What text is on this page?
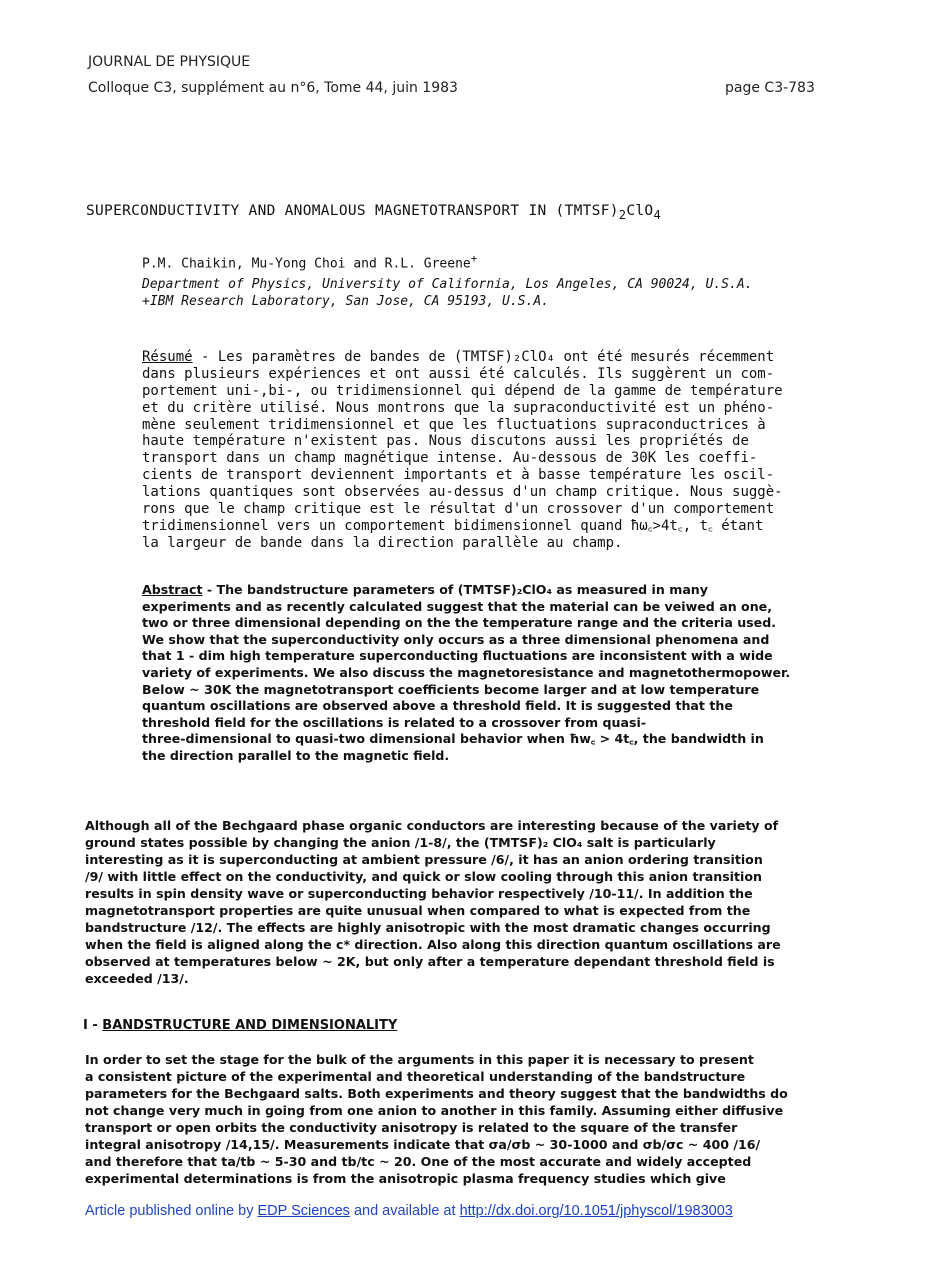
JOURNAL DE PHYSIQUE
Colloque C3, supplément au n°6, Tome 44, juin 1983	page C3-783
SUPERCONDUCTIVITY AND ANOMALOUS MAGNETOTRANSPORT IN $(TMTSF)_2ClO_4$
P.M. Chaikin, Mu-Yong Choi and R.L. Greene+
Department of Physics, University of California, Los Angeles, CA 90024, U.S.A.
+IBM Research Laboratory, San Jose, CA 95193, U.S.A.
Résumé - Les paramètres de bandes de (TMTSF)₂ClO₄ ont été mesurés récemment
dans plusieurs expériences et ont aussi été calculés. Ils suggèrent un com-
portement uni-,bi-, ou tridimensionnel qui dépend de la gamme de température
et du critère utilisé. Nous montrons que la supraconductivité est un phéno-
mène seulement tridimensionnel et que les fluctuations supraconductrices à
haute température n'existent pas. Nous discutons aussi les propriétés de
transport dans un champ magnétique intense. Au-dessous de 30K les coeffi-
cients de transport deviennent importants et à basse température les oscil-
lations quantiques sont observées au-dessus d'un champ critique. Nous suggè-
rons que le champ critique est le résultat d'un crossover d'un comportement
tridimensionnel vers un comportement bidimensionnel quand ħω꜀>4t꜀, t꜀ étant
la largeur de bande dans la direction parallèle au champ.
Abstract - The bandstructure parameters of (TMTSF)₂ClO₄ as measured in many
experiments and as recently calculated suggest that the material can be veiwed an one,
two or three dimensional depending on the the temperature range and the criteria used.
We show that the superconductivity only occurs as a three dimensional phenomena and
that 1 - dim high temperature superconducting fluctuations are inconsistent with a wide
variety of experiments. We also discuss the magnetoresistance and magnetothermopower.
Below ~ 30K the magnetotransport coefficients become larger and at low temperature
quantum oscillations are observed above a threshold field. It is suggested that the
threshold field for the oscillations is related to a crossover from quasi-
three-dimensional to quasi-two dimensional behavior when ħw꜀ > 4t꜀, the bandwidth in
the direction parallel to the magnetic field.
Although all of the Bechgaard phase organic conductors are interesting because of the variety of
ground states possible by changing the anion /1-8/, the (TMTSF)₂ ClO₄ salt is particularly
interesting as it is superconducting at ambient pressure /6/, it has an anion ordering transition
/9/ with little effect on the conductivity, and quick or slow cooling through this anion transition
results in spin density wave or superconducting behavior respectively /10-11/. In addition the
magnetotransport properties are quite unusual when compared to what is expected from the
bandstructure /12/. The effects are highly anisotropic with the most dramatic changes occurring
when the field is aligned along the c* direction. Also along this direction quantum oscillations are
observed at temperatures below ~ 2K, but only after a temperature dependant threshold field is
exceeded /13/.
I - BANDSTRUCTURE AND DIMENSIONALITY
In order to set the stage for the bulk of the arguments in this paper it is necessary to present
a consistent picture of the experimental and theoretical understanding of the bandstructure
parameters for the Bechgaard salts. Both experiments and theory suggest that the bandwidths do
not change very much in going from one anion to another in this family. Assuming either diffusive
transport or open orbits the conductivity anisotropy is related to the square of the transfer
integral anisotropy /14,15/. Measurements indicate that σa/σb ~ 30-1000 and σb/σc ~ 400 /16/
and therefore that ta/tb ~ 5-30 and tb/tc ~ 20. One of the most accurate and widely accepted
experimental determinations is from the anisotropic plasma frequency studies which give
Article published online by EDP Sciences and available at http://dx.doi.org/10.1051/jphyscol/1983003
